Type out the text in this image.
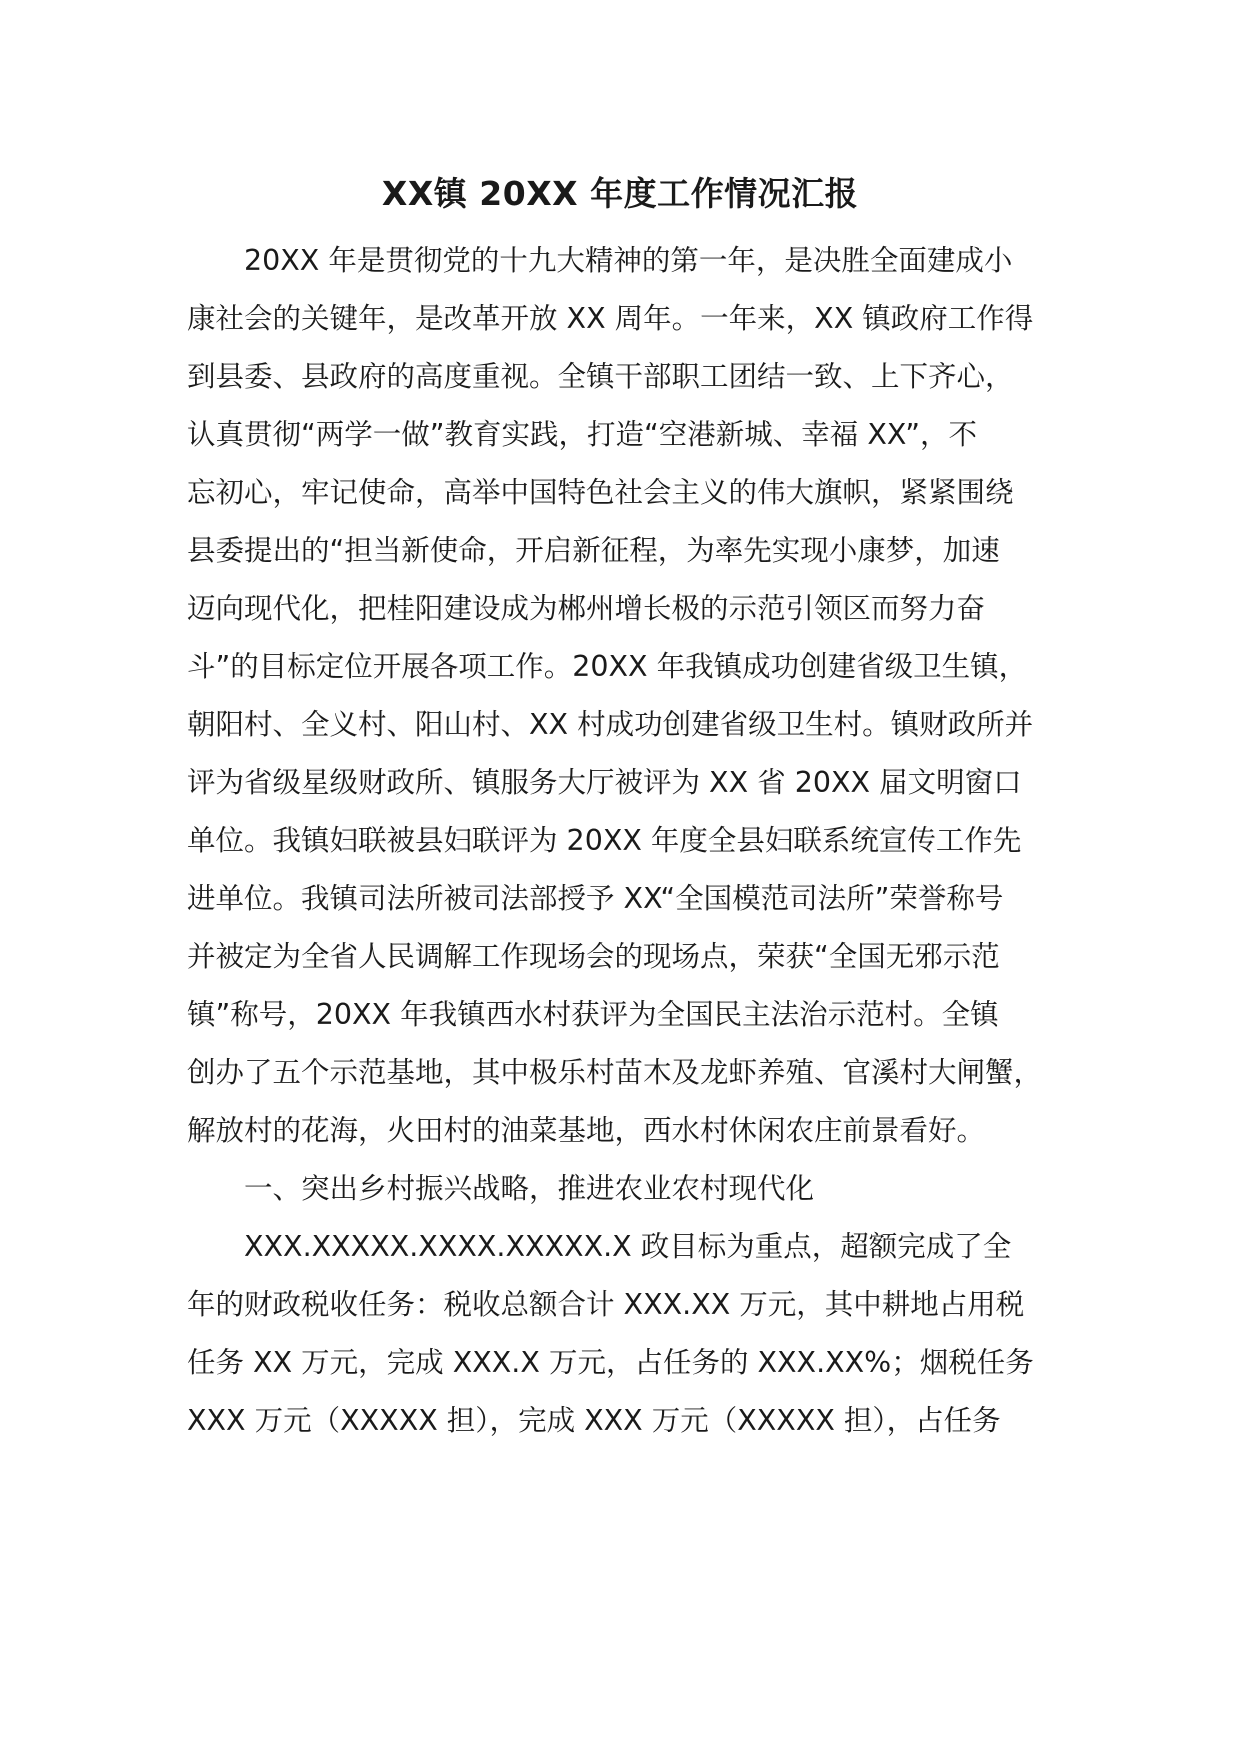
XX镇 20XX 年度工作情况汇报
　　20XX 年是贯彻党的十九大精神的第一年，是决胜全面建成小
康社会的关键年，是改革开放 XX 周年。一年来，XX 镇政府工作得
到县委、县政府的高度重视。全镇干部职工团结一致、上下齐心，
认真贯彻“两学一做”教育实践，打造“空港新城、幸福 XX”，不
忘初心，牢记使命，高举中国特色社会主义的伟大旗帜，紧紧围绕
县委提出的“担当新使命，开启新征程，为率先实现小康梦，加速
迈向现代化，把桂阳建设成为郴州增长极的示范引领区而努力奋
斗”的目标定位开展各项工作。20XX 年我镇成功创建省级卫生镇，
朝阳村、全义村、阳山村、XX 村成功创建省级卫生村。镇财政所并
评为省级星级财政所、镇服务大厅被评为 XX 省 20XX 届文明窗口
单位。我镇妇联被县妇联评为 20XX 年度全县妇联系统宣传工作先
进单位。我镇司法所被司法部授予 XX“全国模范司法所”荣誉称号
并被定为全省人民调解工作现场会的现场点，荣获“全国无邪示范
镇”称号，20XX 年我镇西水村获评为全国民主法治示范村。全镇
创办了五个示范基地，其中极乐村苗木及龙虾养殖、官溪村大闸蟹，
解放村的花海，火田村的油菜基地，西水村休闲农庄前景看好。
　　一、突出乡村振兴战略，推进农业农村现代化
　　XXX.XXXXX.XXXX.XXXXX.X 政目标为重点，超额完成了全
年的财政税收任务：税收总额合计 XXX.XX 万元，其中耕地占用税
任务 XX 万元，完成 XXX.X 万元，占任务的 XXX.XX%；烟税任务
XXX 万元（XXXXX 担），完成 XXX 万元（XXXXX 担），占任务
